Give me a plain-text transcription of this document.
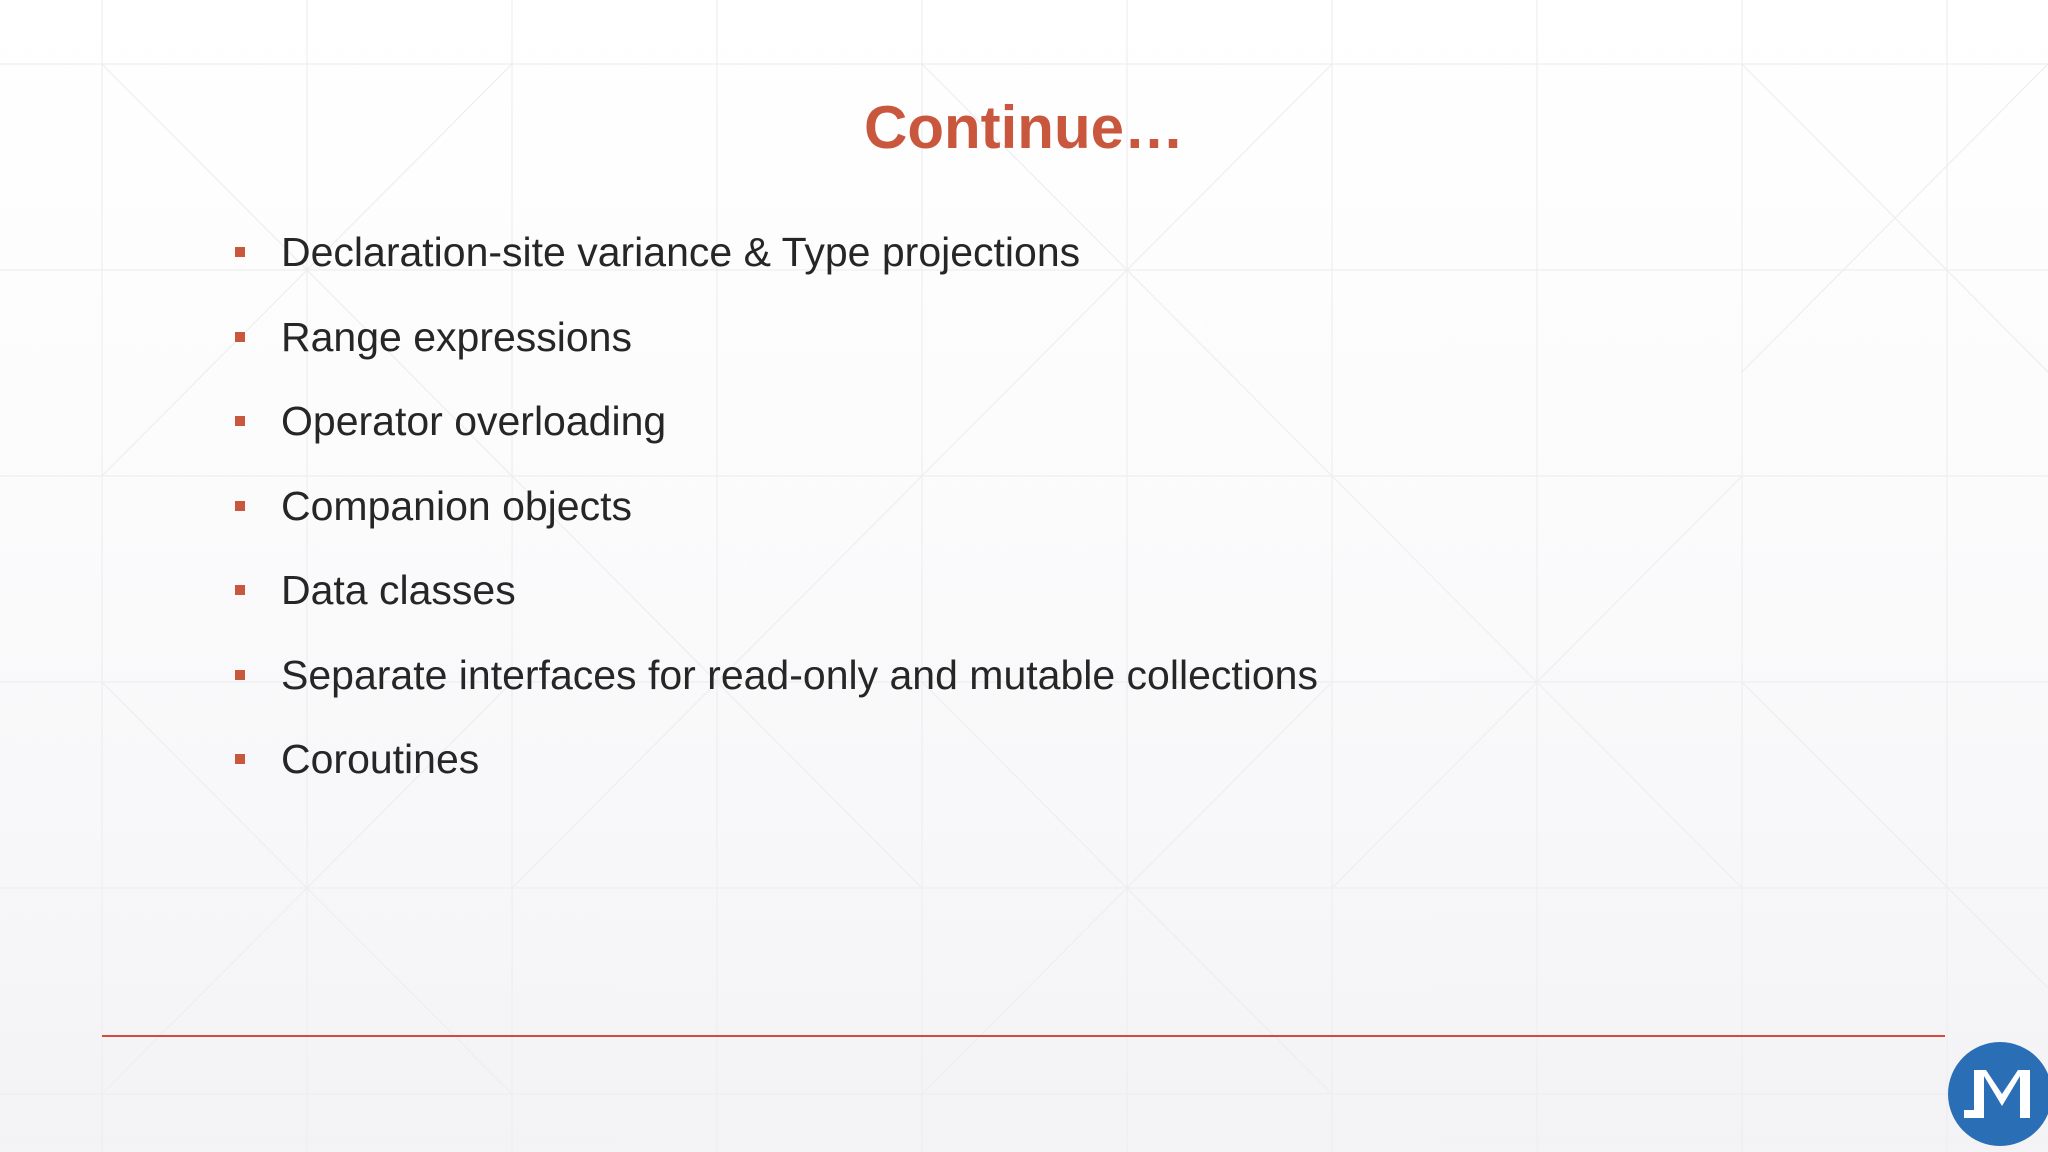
Continue…
Declaration-site variance & Type projections
Range expressions
Operator overloading
Companion objects
Data classes
Separate interfaces for read-only and mutable collections
Coroutines
